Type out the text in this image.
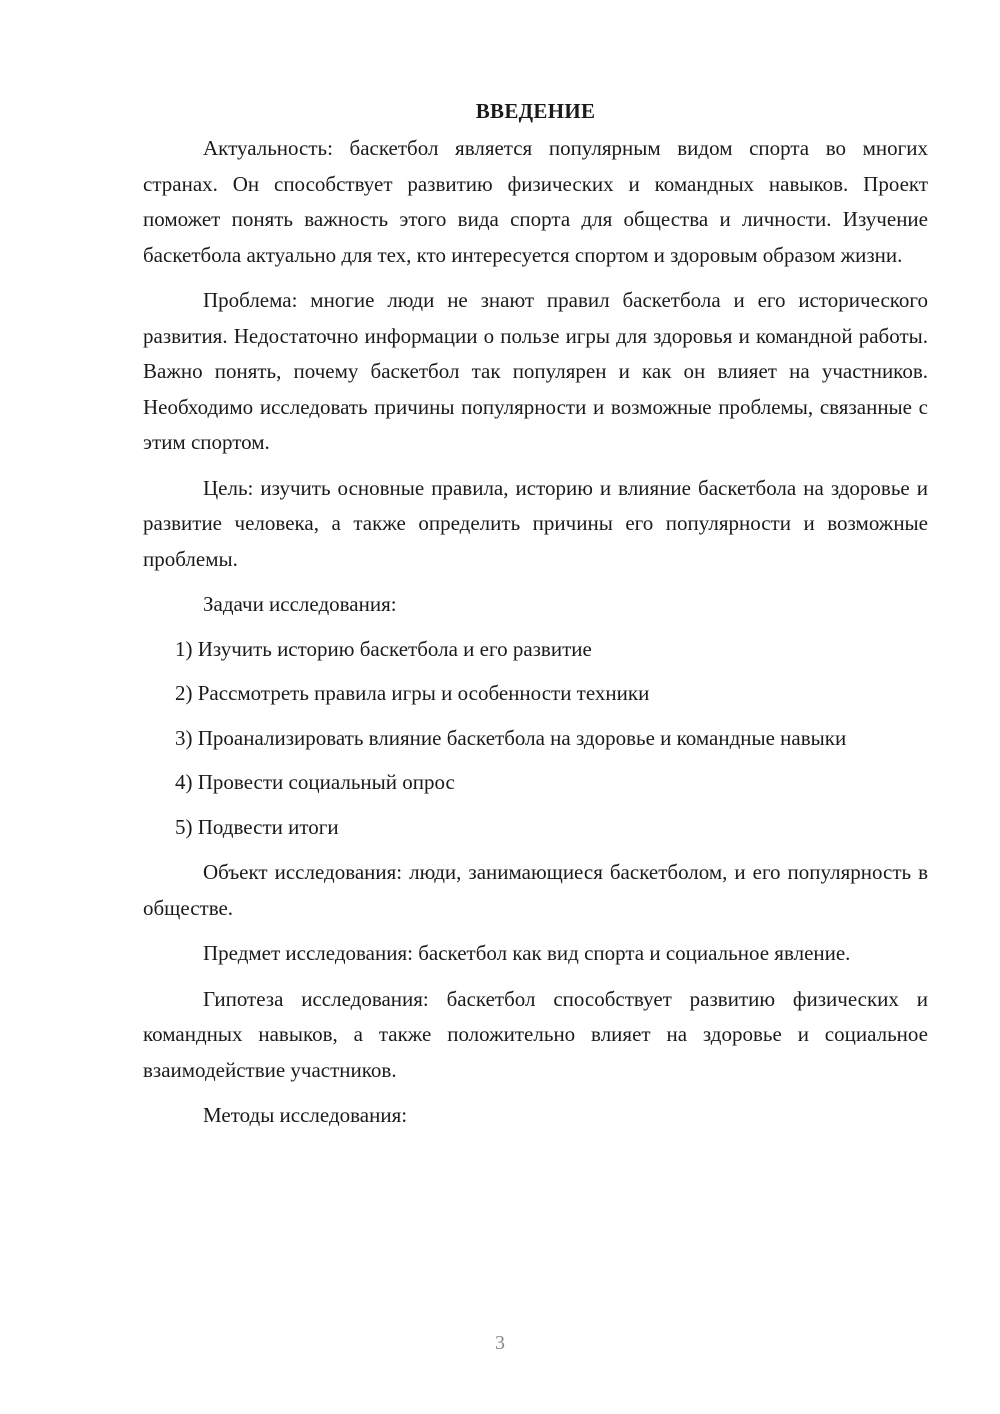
ВВЕДЕНИЕ

Актуальность: баскетбол является популярным видом спорта во многих странах. Он способствует развитию физических и командных навыков. Проект поможет понять важность этого вида спорта для общества и личности. Изучение баскетбола актуально для тех, кто интересуется спортом и здоровым образом жизни.

Проблема: многие люди не знают правил баскетбола и его исторического развития. Недостаточно информации о пользе игры для здоровья и командной работы. Важно понять, почему баскетбол так популярен и как он влияет на участников. Необходимо исследовать причины популярности и возможные проблемы, связанные с этим спортом.

Цель: изучить основные правила, историю и влияние баскетбола на здоровье и развитие человека, а также определить причины его популярности и возможные проблемы.

Задачи исследования:

1) Изучить историю баскетбола и его развитие

2) Рассмотреть правила игры и особенности техники

3) Проанализировать влияние баскетбола на здоровье и командные навыки

4) Провести социальный опрос

5) Подвести итоги

Объект исследования: люди, занимающиеся баскетболом, и его популярность в обществе.

Предмет исследования: баскетбол как вид спорта и социальное явление.

Гипотеза исследования: баскетбол способствует развитию физических и командных навыков, а также положительно влияет на здоровье и социальное взаимодействие участников.

Методы исследования:

3
